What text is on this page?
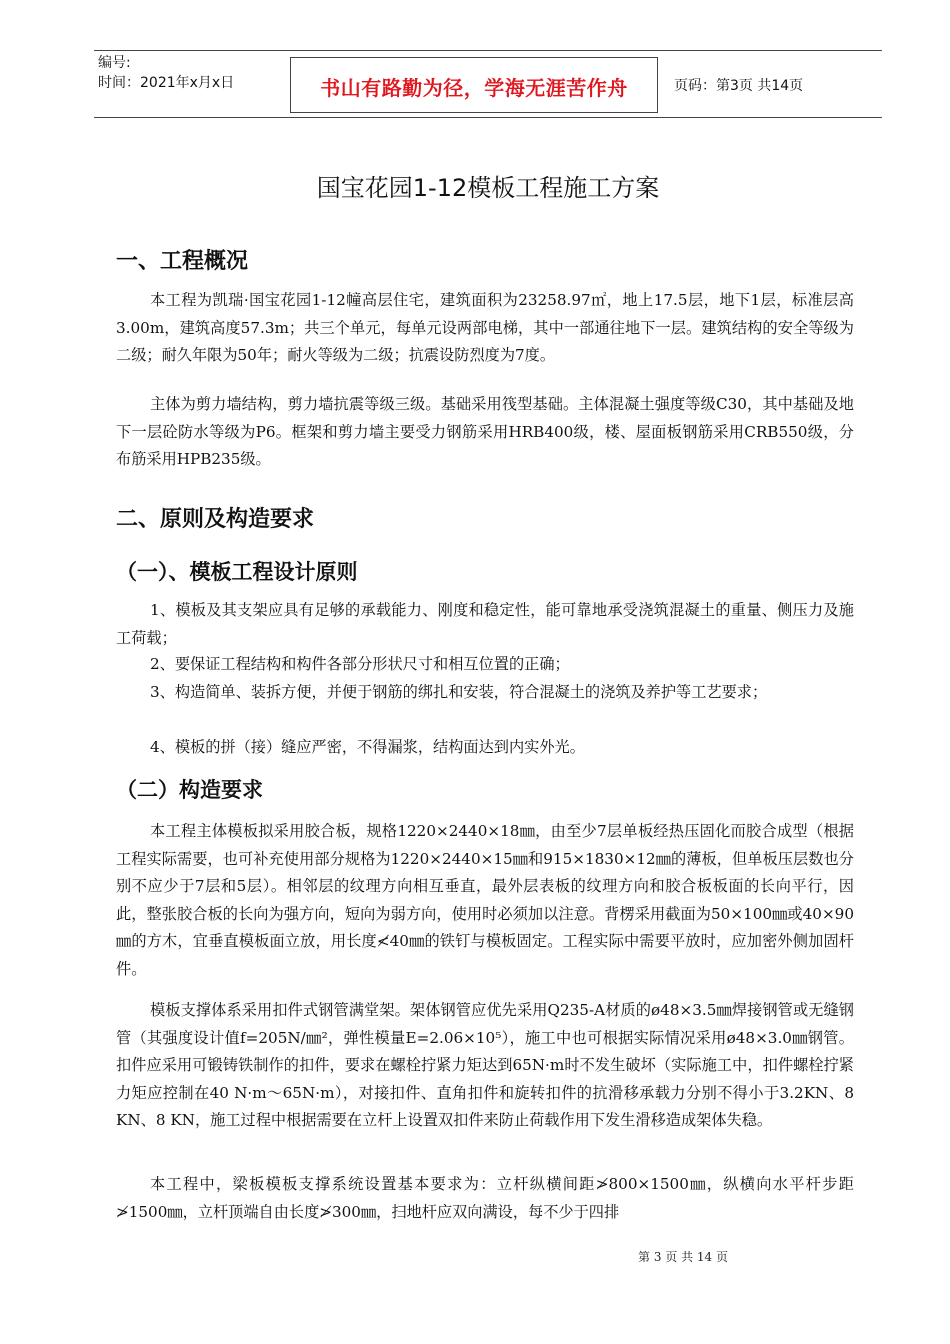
编号:
时间：2021年x月x日	书山有路勤为径，学海无涯苦作舟	页码：第3页 共14页
国宝花园1-12模板工程施工方案
一、工程概况

本工程为凯瑞·国宝花园1-12幢高层住宅，建筑面积为23258.97㎡，地上17.5层，地下1层，标准层高3.00m，建筑高度57.3m；共三个单元，每单元设两部电梯，其中一部通往地下一层。建筑结构的安全等级为二级；耐久年限为50年；耐火等级为二级；抗震设防烈度为7度。

主体为剪力墙结构，剪力墙抗震等级三级。基础采用筏型基础。主体混凝土强度等级C30，其中基础及地下一层砼防水等级为P6。框架和剪力墙主要受力钢筋采用HRB400级，楼、屋面板钢筋采用CRB550级，分布筋采用HPB235级。

二、原则及构造要求
（一）、模板工程设计原则

1、模板及其支架应具有足够的承载能力、刚度和稳定性，能可靠地承受浇筑混凝土的重量、侧压力及施工荷载；

2、要保证工程结构和构件各部分形状尺寸和相互位置的正确；

3、构造简单、装拆方便，并便于钢筋的绑扎和安装，符合混凝土的浇筑及养护等工艺要求；

4、模板的拼（接）缝应严密，不得漏浆，结构面达到内实外光。

（二）构造要求

本工程主体模板拟采用胶合板，规格1220×2440×18㎜，由至少7层单板经热压固化而胶合成型（根据工程实际需要，也可补充使用部分规格为1220×2440×15㎜和915×1830×12㎜的薄板，但单板压层数也分别不应少于7层和5层）。相邻层的纹理方向相互垂直，最外层表板的纹理方向和胶合板板面的长向平行，因此，整张胶合板的长向为强方向，短向为弱方向，使用时必须加以注意。背楞采用截面为50×100㎜或40×90㎜的方木，宜垂直模板面立放，用长度≮40㎜的铁钉与模板固定。工程实际中需要平放时，应加密外侧加固杆件。

模板支撑体系采用扣件式钢管满堂架。架体钢管应优先采用Q235-A材质的ø48×3.5㎜焊接钢管或无缝钢管（其强度设计值f=205N/㎜²，弹性模量E=2.06×10⁵），施工中也可根据实际情况采用ø48×3.0㎜钢管。扣件应采用可锻铸铁制作的扣件，要求在螺栓拧紧力矩达到65N·m时不发生破坏（实际施工中，扣件螺栓拧紧力矩应控制在40 N·m～65N·m），对接扣件、直角扣件和旋转扣件的抗滑移承载力分别不得小于3.2KN、8 KN、8 KN，施工过程中根据需要在立杆上设置双扣件来防止荷载作用下发生滑移造成架体失稳。

本工程中，梁板模板支撑系统设置基本要求为：立杆纵横间距≯800×1500㎜，纵横向水平杆步距≯1500㎜，立杆顶端自由长度≯300㎜，扫地杆应双向满设，每不少于四排

第 3 页 共 14 页
